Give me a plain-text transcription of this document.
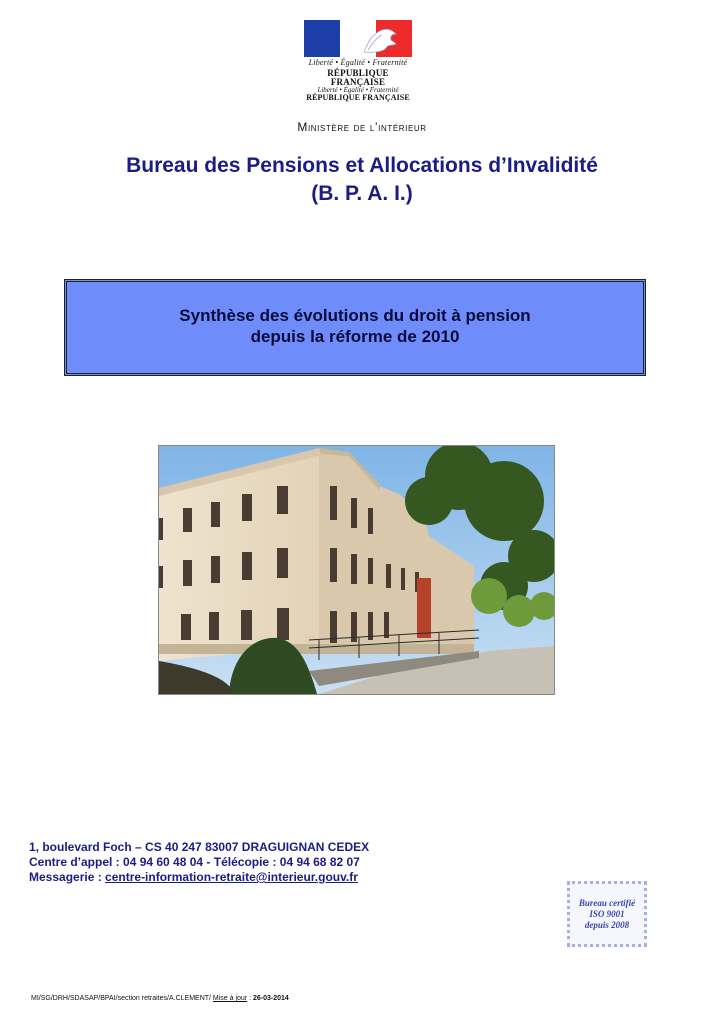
Liberté • Égalité • Fraternité
RÉPUBLIQUE FRANÇAISE
Liberté • Égalité • Fraternité
RÉPUBLIQUE FRANÇAISE
Ministère de l’intérieur
Bureau des Pensions et Allocations d’Invalidité
(B. P. A. I.)
Synthèse des évolutions du droit à pension
depuis la réforme de 2010
1, boulevard Foch – CS 40 247 83007 DRAGUIGNAN CEDEX
Centre d’appel : 04 94 60 48 04 - Télécopie : 04 94 68 82 07
Messagerie : centre-information-retraite@interieur.gouv.fr
Bureau certifié
ISO 9001
depuis 2008
MI/SG/DRH/SDASAP/BPAI/section retraites/A.CLEMENT/ Mise à jour : 26-03-2014
